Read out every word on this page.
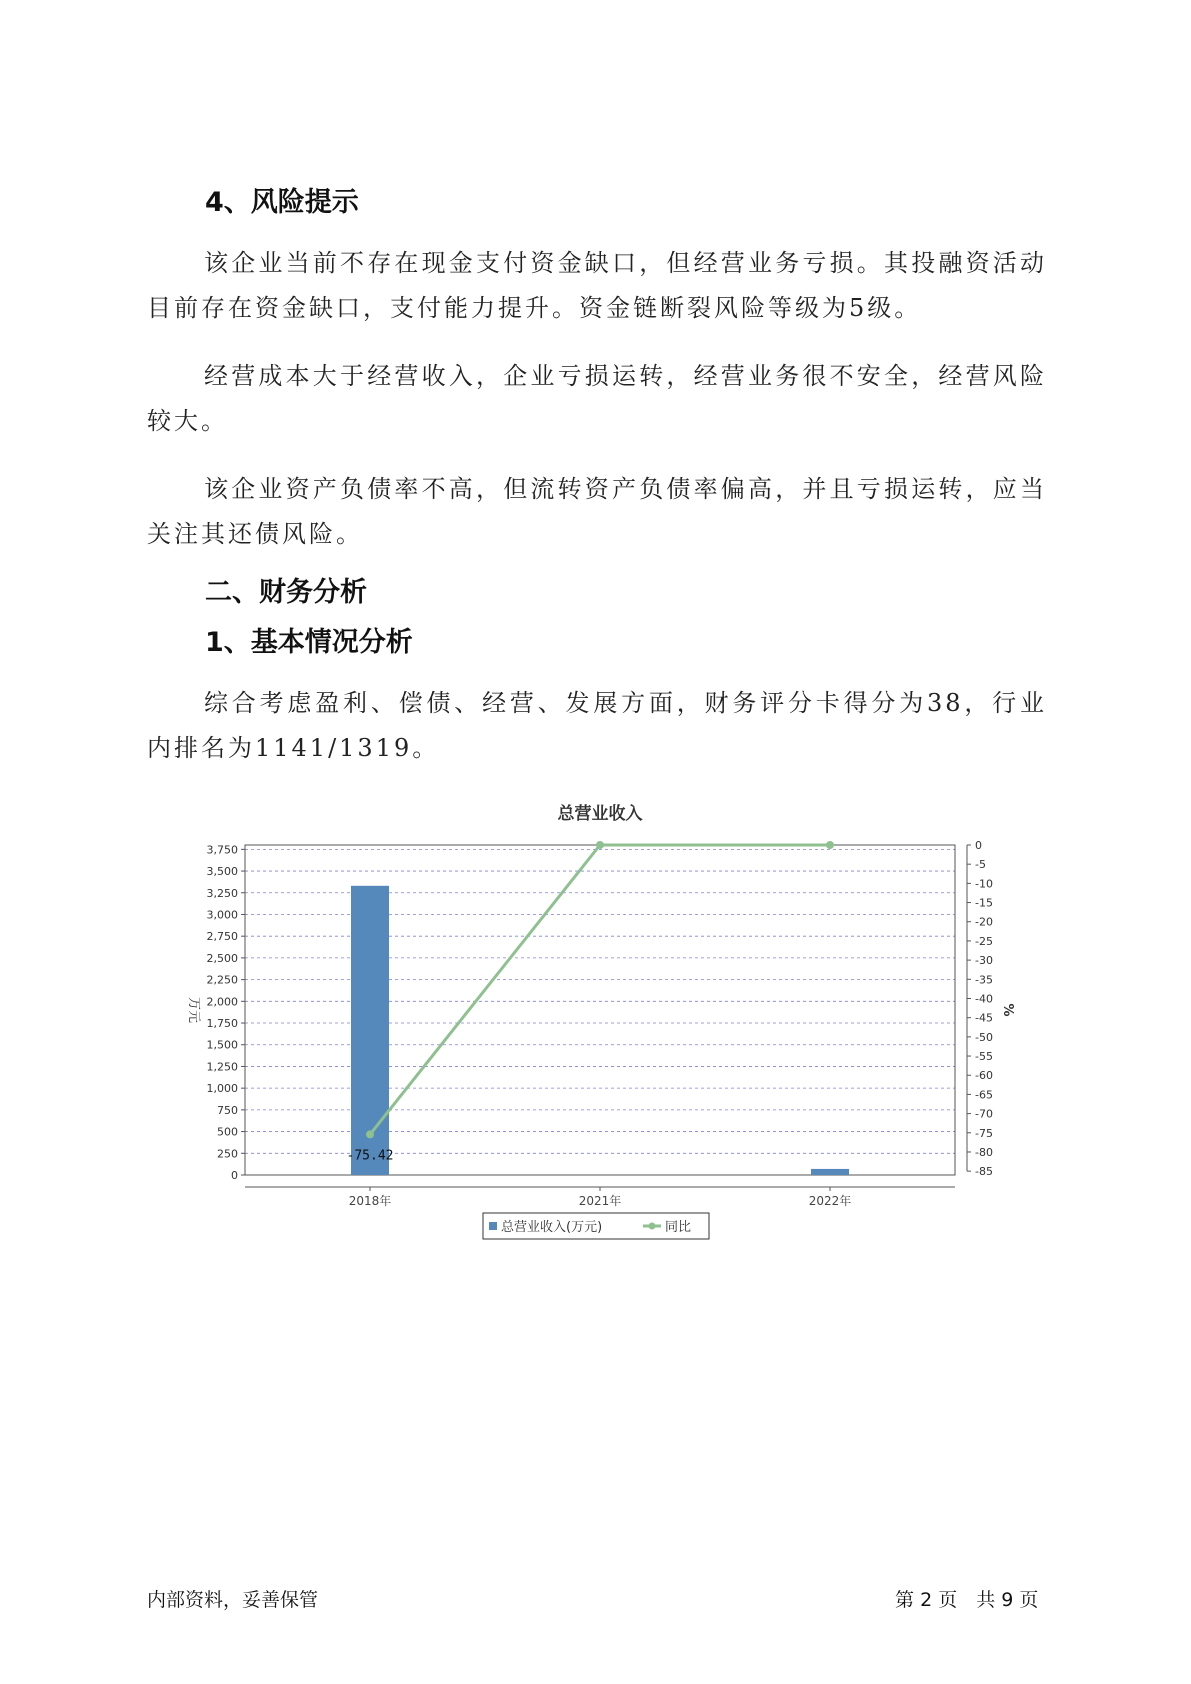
4、风险提示

该企业当前不存在现金支付资金缺口，但经营业务亏损。其投融资活动目前存在资金缺口，支付能力提升。资金链断裂风险等级为5级。

经营成本大于经营收入，企业亏损运转，经营业务很不安全，经营风险较大。

该企业资产负债率不高，但流转资产负债率偏高，并且亏损运转，应当关注其还债风险。

二、财务分析
1、基本情况分析

综合考虑盈利、偿债、经营、发展方面，财务评分卡得分为38，行业内排名为1141/1319。

总营业收入
0
250
500
750
1,000
1,250
1,500
1,750
2,000
2,250
2,500
2,750
3,000
3,250
3,500
3,750	0
-5
-10
-15
-20
-25
-30
-35
-40
-45
-50
-55
-60
-65
-70
-75
-80
-85
万元	%
2018年	2021年	2022年
-75.42
总营业收入(万元)	同比
内部资料，妥善保管	第 2 页　共 9 页
